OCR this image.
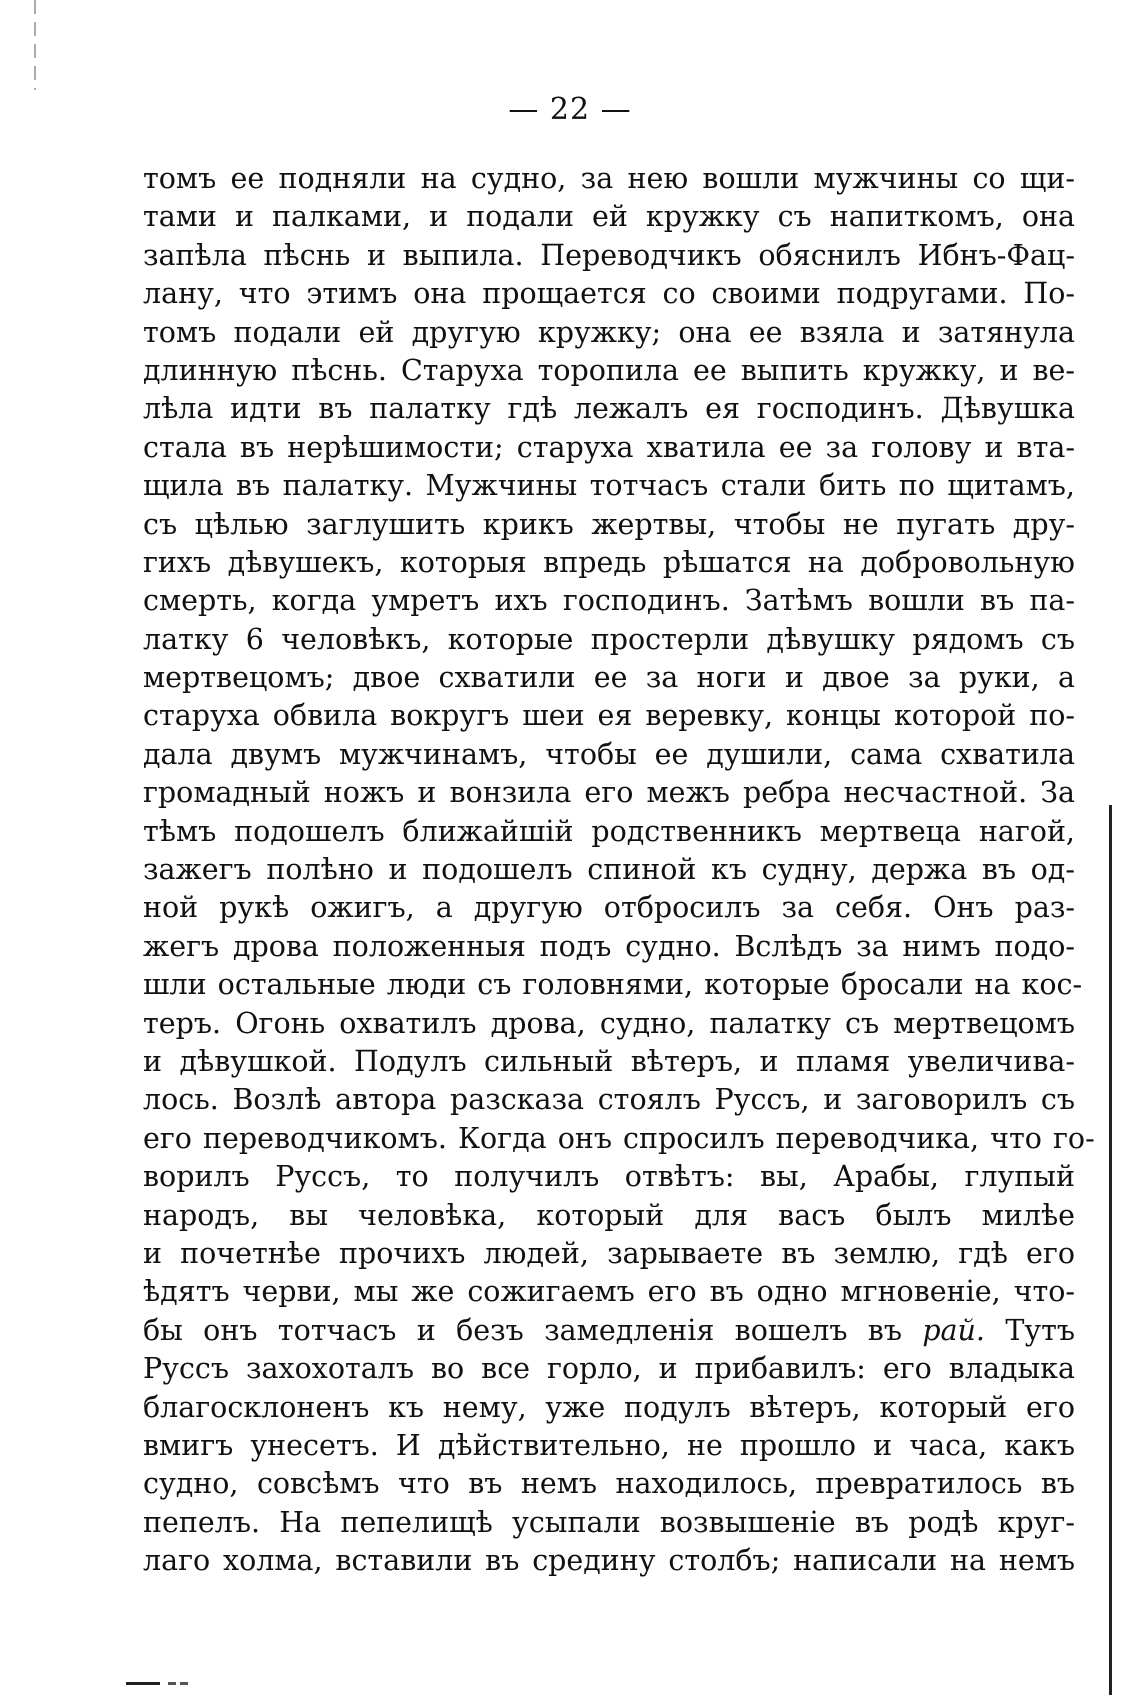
— 22 —
томъ ее подняли на судно, за нею вошли мужчины со щи-
тами и палками, и подали ей кружку съ напиткомъ, она
запѣла пѣснь и выпила. Переводчикъ обяснилъ Ибнъ-Фац-
лану, что этимъ она прощается со своими подругами. По-
томъ подали ей другую кружку; она ее взяла и затянула
длинную пѣснь. Старуха торопила ее выпить кружку, и ве-
лѣла идти въ палатку гдѣ лежалъ ея господинъ. Дѣвушка
стала въ нерѣшимости; старуха хватила ее за голову и вта-
щила въ палатку. Мужчины тотчасъ стали бить по щитамъ,
съ цѣлью заглушить крикъ жертвы, чтобы не пугать дру-
гихъ дѣвушекъ, которыя впредь рѣшатся на добровольную
смерть, когда умретъ ихъ господинъ. Затѣмъ вошли въ па-
латку 6 человѣкъ, которые простерли дѣвушку рядомъ съ
мертвецомъ; двое схватили ее за ноги и двое за руки, а
старуха обвила вокругъ шеи ея веревку, концы которой по-
дала двумъ мужчинамъ, чтобы ее душили, сама схватила
громадный ножъ и вонзила его межъ ребра несчастной. За
тѣмъ подошелъ ближайшій родственникъ мертвеца нагой,
зажегъ полѣно и подошелъ спиной къ судну, держа въ од-
ной рукѣ ожигъ, а другую отбросилъ за себя. Онъ раз-
жегъ дрова положенныя подъ судно. Вслѣдъ за нимъ подо-
шли остальные люди съ головнями, которые бросали на кос-
теръ. Огонь охватилъ дрова, судно, палатку съ мертвецомъ
и дѣвушкой. Подулъ сильный вѣтеръ, и пламя увеличива-
лось. Возлѣ автора разсказа стоялъ Руссъ, и заговорилъ съ
его переводчикомъ. Когда онъ спросилъ переводчика, что го-
ворилъ Руссъ, то получилъ отвѣтъ: вы, Арабы, глупый
народъ, вы человѣка, который для васъ былъ милѣе
и почетнѣе прочихъ людей, зарываете въ землю, гдѣ его
ѣдятъ черви, мы же сожигаемъ его въ одно мгновеніе, что-
бы онъ тотчасъ и безъ замедленія вошелъ въ рай. Тутъ
Руссъ захохоталъ во все горло, и прибавилъ: его владыка
благосклоненъ къ нему, уже подулъ вѣтеръ, который его
вмигъ унесетъ. И дѣйствительно, не прошло и часа, какъ
судно, совсѣмъ что въ немъ находилось, превратилось въ
пепелъ. На пепелищѣ усыпали возвышеніе въ родѣ круг-
лаго холма, вставили въ средину столбъ; написали на немъ
